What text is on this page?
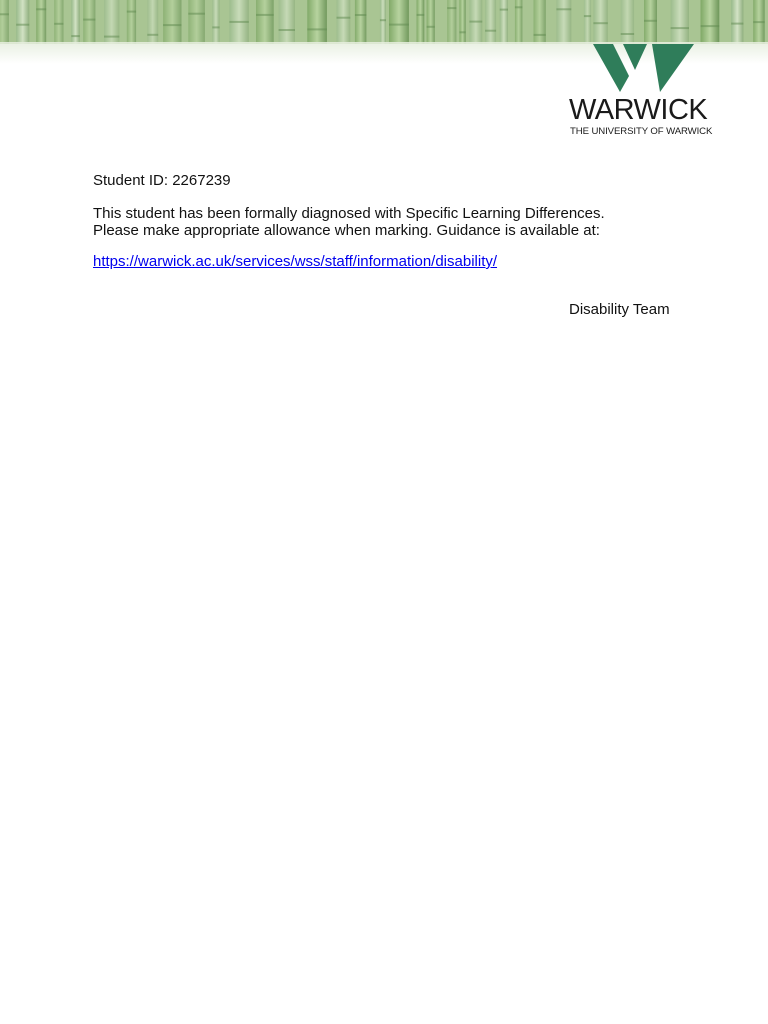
WARWICK
THE UNIVERSITY OF WARWICK

Student ID: 2267239

This student has been formally diagnosed with Specific Learning Differences.
Please make appropriate allowance when marking. Guidance is available at:

https://warwick.ac.uk/services/wss/staff/information/disability/
Disability Team
